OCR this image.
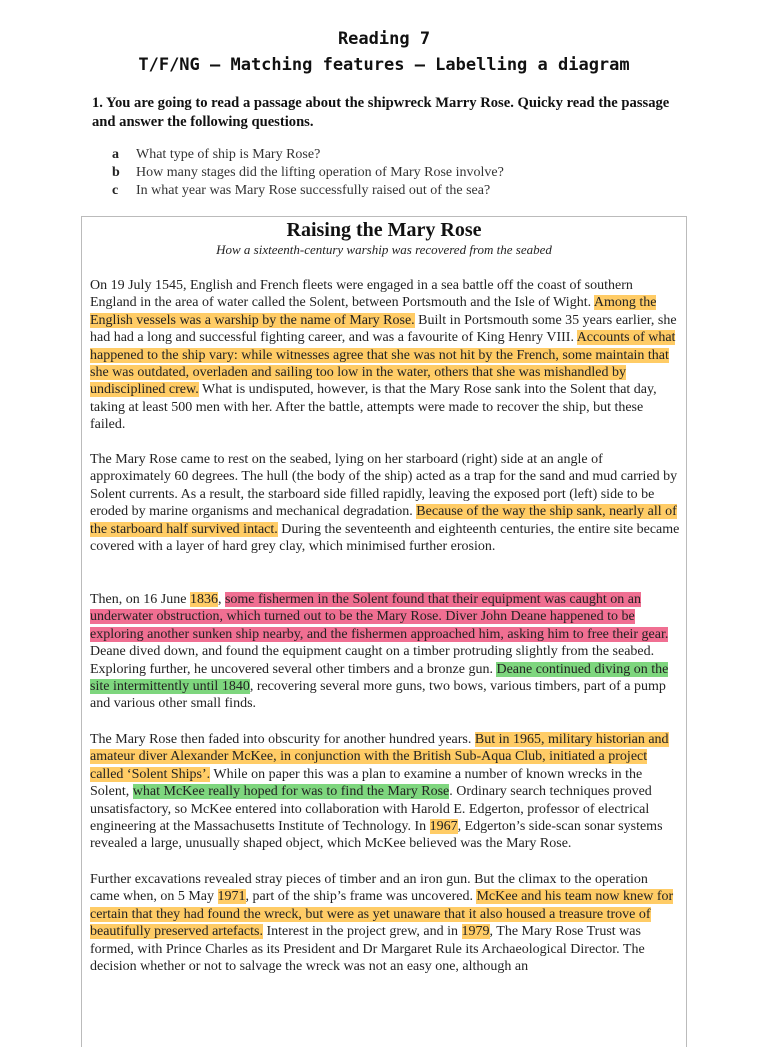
Reading 7
T/F/NG – Matching features – Labelling a diagram
1. You are going to read a passage about the shipwreck Marry Rose. Quicky read the passage and answer the following questions.
a	What type of ship is Mary Rose?
b	How many stages did the lifting operation of Mary Rose involve?
c	In what year was Mary Rose successfully raised out of the sea?
Raising the Mary Rose
How a sixteenth-century warship was recovered from the seabed
On 19 July 1545, English and French fleets were engaged in a sea battle off the coast of southern England in the area of water called the Solent, between Portsmouth and the Isle of Wight. Among the English vessels was a warship by the name of Mary Rose. Built in Portsmouth some 35 years earlier, she had had a long and successful fighting career, and was a favourite of King Henry VIII. Accounts of what happened to the ship vary: while witnesses agree that she was not hit by the French, some maintain that she was outdated, overladen and sailing too low in the water, others that she was mishandled by undisciplined crew. What is undisputed, however, is that the Mary Rose sank into the Solent that day, taking at least 500 men with her. After the battle, attempts were made to recover the ship, but these failed.
The Mary Rose came to rest on the seabed, lying on her starboard (right) side at an angle of approximately 60 degrees. The hull (the body of the ship) acted as a trap for the sand and mud carried by Solent currents. As a result, the starboard side filled rapidly, leaving the exposed port (left) side to be eroded by marine organisms and mechanical degradation. Because of the way the ship sank, nearly all of the starboard half survived intact. During the seventeenth and eighteenth centuries, the entire site became covered with a layer of hard grey clay, which minimised further erosion.
Then, on 16 June 1836, some fishermen in the Solent found that their equipment was caught on an underwater obstruction, which turned out to be the Mary Rose. Diver John Deane happened to be exploring another sunken ship nearby, and the fishermen approached him, asking him to free their gear. Deane dived down, and found the equipment caught on a timber protruding slightly from the seabed. Exploring further, he uncovered several other timbers and a bronze gun. Deane continued diving on the site intermittently until 1840, recovering several more guns, two bows, various timbers, part of a pump and various other small finds.
The Mary Rose then faded into obscurity for another hundred years. But in 1965, military historian and amateur diver Alexander McKee, in conjunction with the British Sub-Aqua Club, initiated a project called ‘Solent Ships’. While on paper this was a plan to examine a number of known wrecks in the Solent, what McKee really hoped for was to find the Mary Rose. Ordinary search techniques proved unsatisfactory, so McKee entered into collaboration with Harold E. Edgerton, professor of electrical engineering at the Massachusetts Institute of Technology. In 1967, Edgerton’s side-scan sonar systems revealed a large, unusually shaped object, which McKee believed was the Mary Rose.
Further excavations revealed stray pieces of timber and an iron gun. But the climax to the operation came when, on 5 May 1971, part of the ship’s frame was uncovered. McKee and his team now knew for certain that they had found the wreck, but were as yet unaware that it also housed a treasure trove of beautifully preserved artefacts. Interest in the project grew, and in 1979, The Mary Rose Trust was formed, with Prince Charles as its President and Dr Margaret Rule its Archaeological Director. The decision whether or not to salvage the wreck was not an easy one, although an
